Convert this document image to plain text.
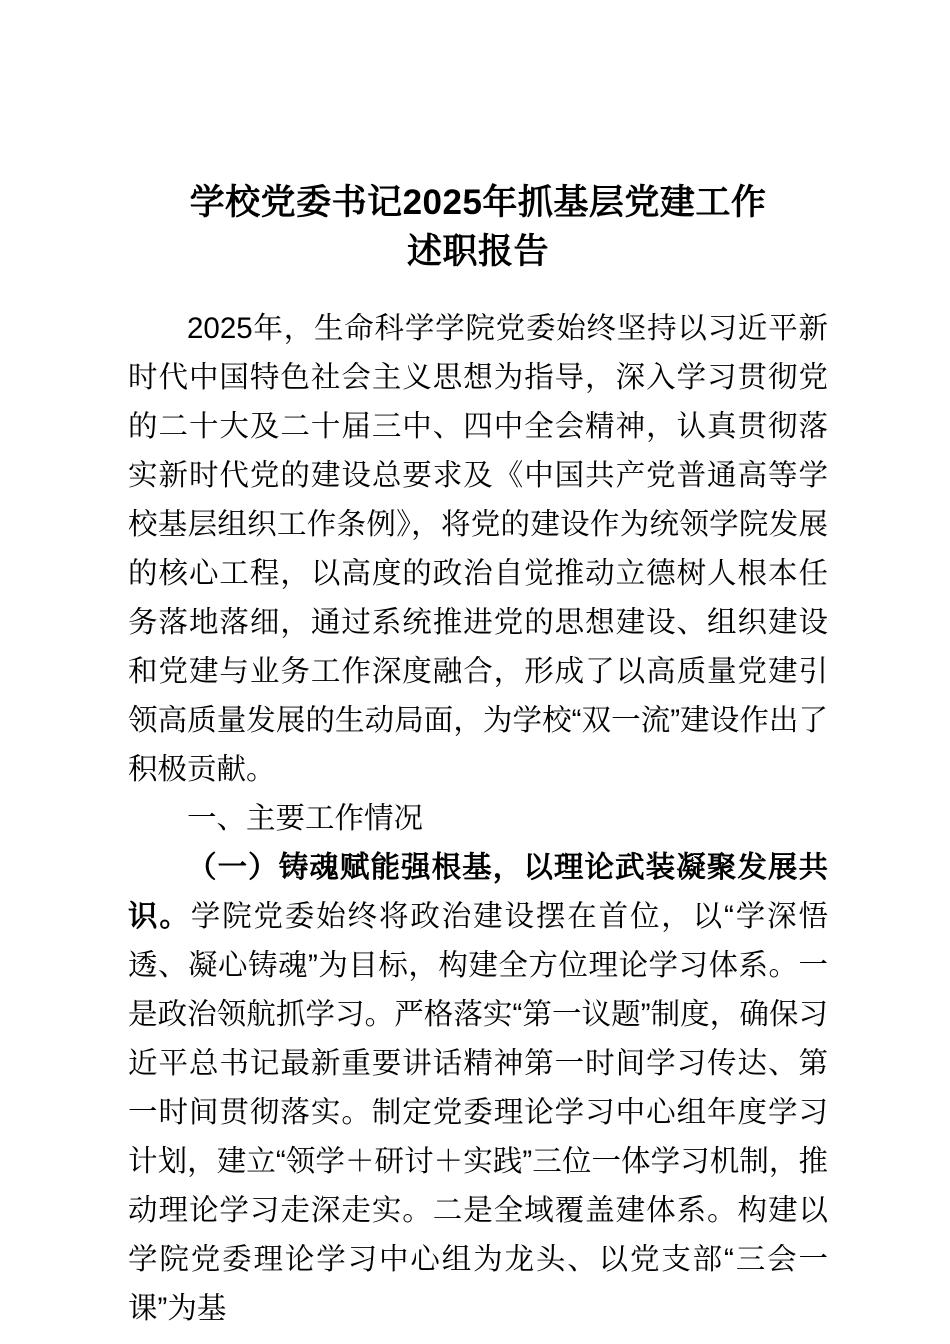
学校党委书记2025年抓基层党建工作
述职报告

2025年，生命科学学院党委始终坚持以习近平新时代中国特色社会主义思想为指导，深入学习贯彻党的二十大及二十届三中、四中全会精神，认真贯彻落实新时代党的建设总要求及《中国共产党普通高等学校基层组织工作条例》，将党的建设作为统领学院发展的核心工程，以高度的政治自觉推动立德树人根本任务落地落细，通过系统推进党的思想建设、组织建设和党建与业务工作深度融合，形成了以高质量党建引领高质量发展的生动局面，为学校“双一流”建设作出了积极贡献。

一、主要工作情况

（一）铸魂赋能强根基，以理论武装凝聚发展共识。学院党委始终将政治建设摆在首位，以“学深悟透、凝心铸魂”为目标，构建全方位理论学习体系。一是政治领航抓学习。严格落实“第一议题”制度，确保习近平总书记最新重要讲话精神第一时间学习传达、第一时间贯彻落实。制定党委理论学习中心组年度学习计划，建立“领学＋研讨＋实践”三位一体学习机制，推动理论学习走深走实。二是全域覆盖建体系。构建以学院党委理论学习中心组为龙头、以党支部“三会一课”为基
